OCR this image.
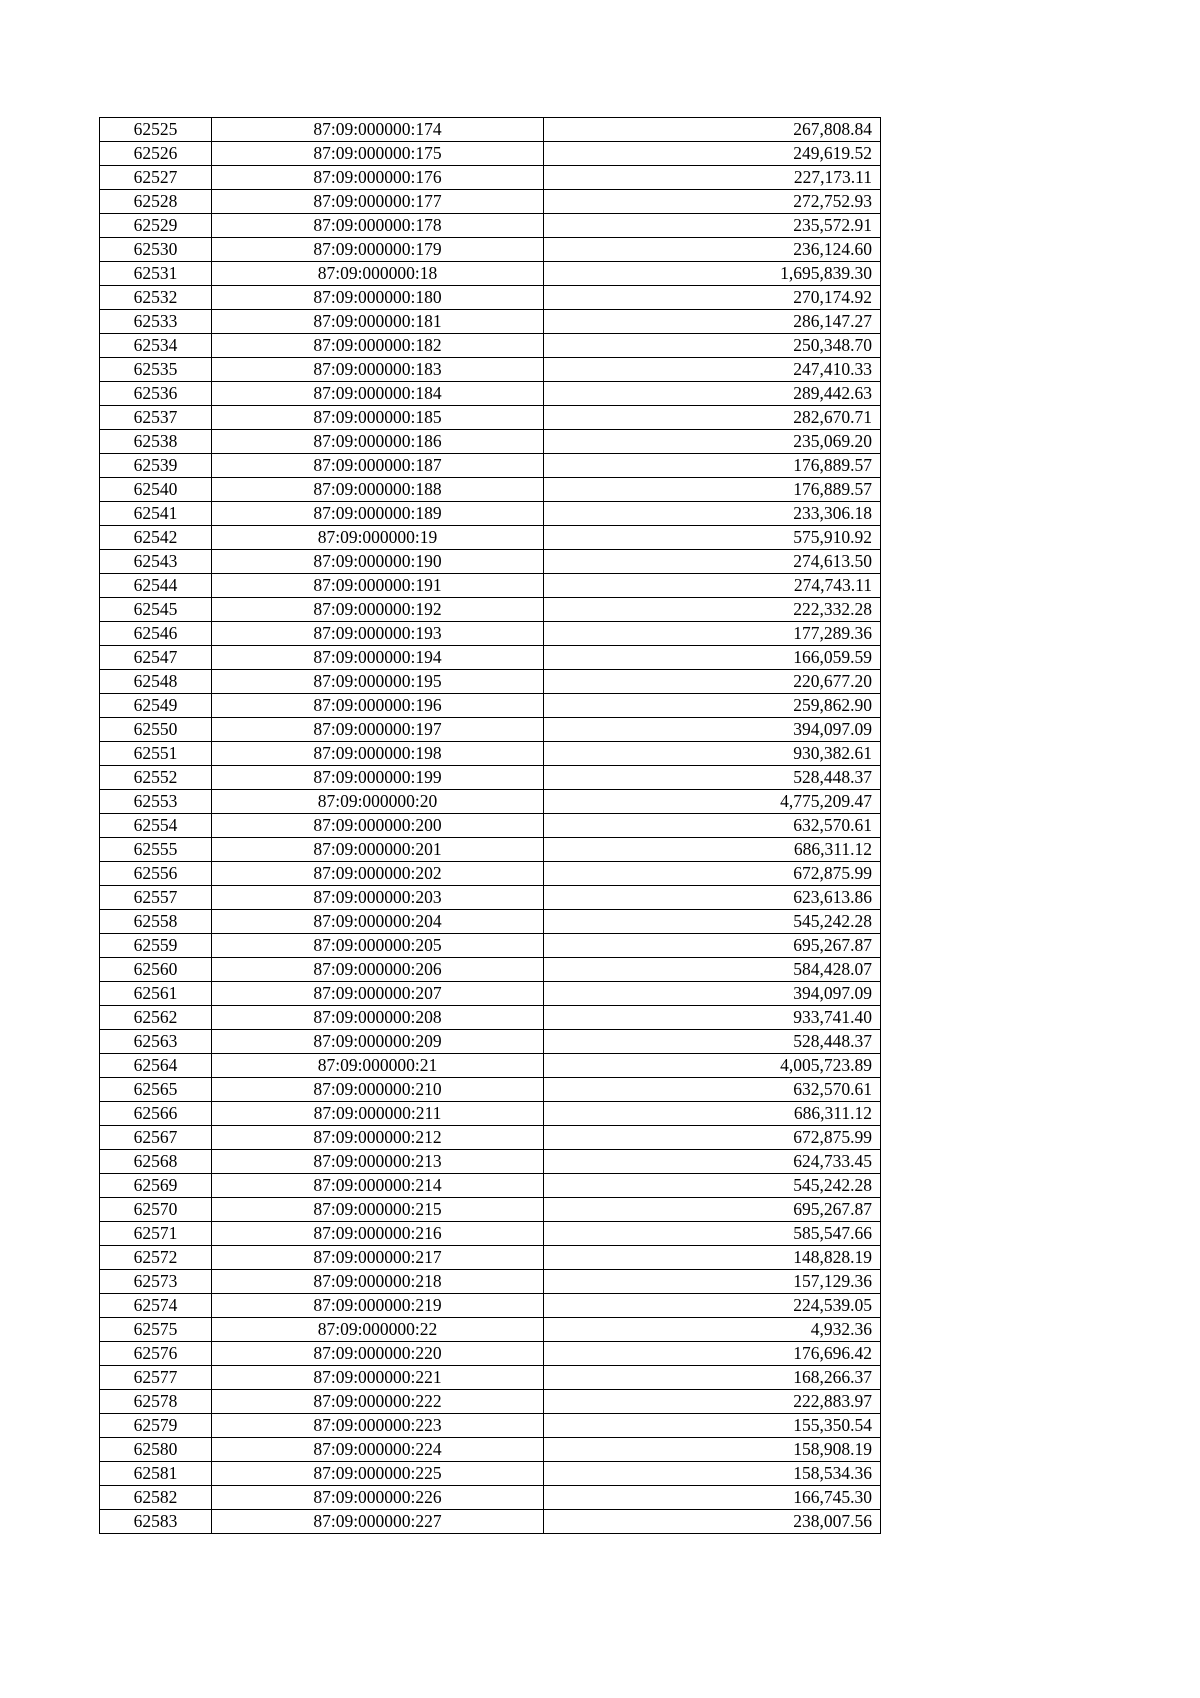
62525	87:09:000000:174	267,808.84
62526	87:09:000000:175	249,619.52
62527	87:09:000000:176	227,173.11
62528	87:09:000000:177	272,752.93
62529	87:09:000000:178	235,572.91
62530	87:09:000000:179	236,124.60
62531	87:09:000000:18	1,695,839.30
62532	87:09:000000:180	270,174.92
62533	87:09:000000:181	286,147.27
62534	87:09:000000:182	250,348.70
62535	87:09:000000:183	247,410.33
62536	87:09:000000:184	289,442.63
62537	87:09:000000:185	282,670.71
62538	87:09:000000:186	235,069.20
62539	87:09:000000:187	176,889.57
62540	87:09:000000:188	176,889.57
62541	87:09:000000:189	233,306.18
62542	87:09:000000:19	575,910.92
62543	87:09:000000:190	274,613.50
62544	87:09:000000:191	274,743.11
62545	87:09:000000:192	222,332.28
62546	87:09:000000:193	177,289.36
62547	87:09:000000:194	166,059.59
62548	87:09:000000:195	220,677.20
62549	87:09:000000:196	259,862.90
62550	87:09:000000:197	394,097.09
62551	87:09:000000:198	930,382.61
62552	87:09:000000:199	528,448.37
62553	87:09:000000:20	4,775,209.47
62554	87:09:000000:200	632,570.61
62555	87:09:000000:201	686,311.12
62556	87:09:000000:202	672,875.99
62557	87:09:000000:203	623,613.86
62558	87:09:000000:204	545,242.28
62559	87:09:000000:205	695,267.87
62560	87:09:000000:206	584,428.07
62561	87:09:000000:207	394,097.09
62562	87:09:000000:208	933,741.40
62563	87:09:000000:209	528,448.37
62564	87:09:000000:21	4,005,723.89
62565	87:09:000000:210	632,570.61
62566	87:09:000000:211	686,311.12
62567	87:09:000000:212	672,875.99
62568	87:09:000000:213	624,733.45
62569	87:09:000000:214	545,242.28
62570	87:09:000000:215	695,267.87
62571	87:09:000000:216	585,547.66
62572	87:09:000000:217	148,828.19
62573	87:09:000000:218	157,129.36
62574	87:09:000000:219	224,539.05
62575	87:09:000000:22	4,932.36
62576	87:09:000000:220	176,696.42
62577	87:09:000000:221	168,266.37
62578	87:09:000000:222	222,883.97
62579	87:09:000000:223	155,350.54
62580	87:09:000000:224	158,908.19
62581	87:09:000000:225	158,534.36
62582	87:09:000000:226	166,745.30
62583	87:09:000000:227	238,007.56
